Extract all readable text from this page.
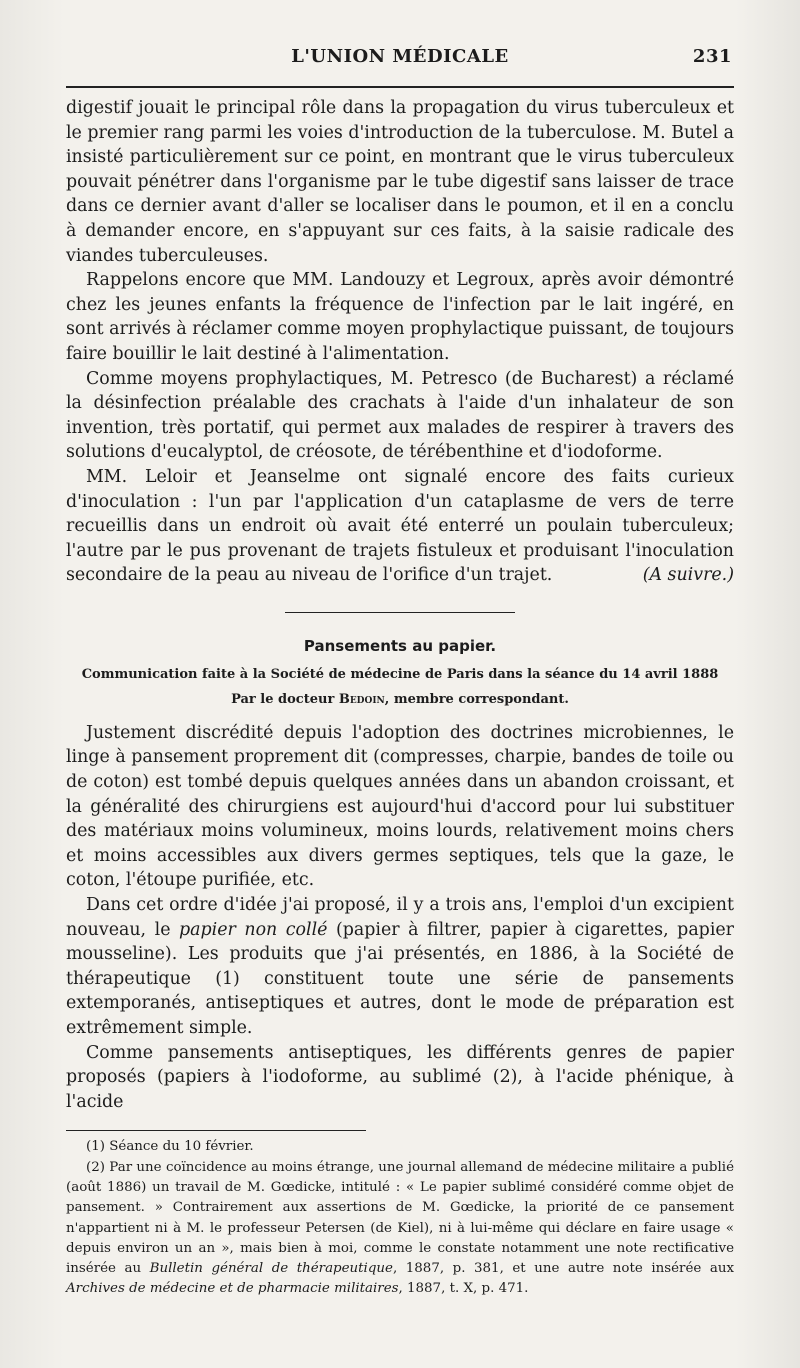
L'UNION MÉDICALE	231

digestif jouait le principal rôle dans la propagation du virus tuberculeux et le premier rang parmi les voies d'introduction de la tuberculose. M. Butel a insisté particulièrement sur ce point, en montrant que le virus tuberculeux pouvait pénétrer dans l'organisme par le tube digestif sans laisser de trace dans ce dernier avant d'aller se localiser dans le poumon, et il en a conclu à demander encore, en s'appuyant sur ces faits, à la saisie radicale des viandes tuberculeuses.

Rappelons encore que MM. Landouzy et Legroux, après avoir démontré chez les jeunes enfants la fréquence de l'infection par le lait ingéré, en sont arrivés à réclamer comme moyen prophylactique puissant, de toujours faire bouillir le lait destiné à l'alimentation.

Comme moyens prophylactiques, M. Petresco (de Bucharest) a réclamé la désinfection préalable des crachats à l'aide d'un inhalateur de son invention, très portatif, qui permet aux malades de respirer à travers des solutions d'eucalyptol, de créosote, de térébenthine et d'iodoforme.

MM. Leloir et Jeanselme ont signalé encore des faits curieux d'inoculation : l'un par l'application d'un cataplasme de vers de terre recueillis dans un endroit où avait été enterré un poulain tuberculeux; l'autre par le pus provenant de trajets fistuleux et produisant l'inoculation secondaire de la peau au niveau de l'orifice d'un trajet.	(A suivre.)

Pansements au papier.
Communication faite à la Société de médecine de Paris dans la séance du 14 avril 1888
Par le docteur Bedoin, membre correspondant.

Justement discrédité depuis l'adoption des doctrines microbiennes, le linge à pansement proprement dit (compresses, charpie, bandes de toile ou de coton) est tombé depuis quelques années dans un abandon croissant, et la généralité des chirurgiens est aujourd'hui d'accord pour lui substituer des matériaux moins volumineux, moins lourds, relativement moins chers et moins accessibles aux divers germes septiques, tels que la gaze, le coton, l'étoupe purifiée, etc.

Dans cet ordre d'idée j'ai proposé, il y a trois ans, l'emploi d'un excipient nouveau, le papier non collé (papier à filtrer, papier à cigarettes, papier mousseline). Les produits que j'ai présentés, en 1886, à la Société de thérapeutique (1) constituent toute une série de pansements extemporanés, antiseptiques et autres, dont le mode de préparation est extrêmement simple.

Comme pansements antiseptiques, les différents genres de papier proposés (papiers à l'iodoforme, au sublimé (2), à l'acide phénique, à l'acide

(1) Séance du 10 février.

(2) Par une coïncidence au moins étrange, une journal allemand de médecine militaire a publié (août 1886) un travail de M. Gœdicke, intitulé : « Le papier sublimé considéré comme objet de pansement. » Contrairement aux assertions de M. Gœdicke, la priorité de ce pansement n'appartient ni à M. le professeur Petersen (de Kiel), ni à lui-même qui déclare en faire usage « depuis environ un an », mais bien à moi, comme le constate notamment une note rectificative insérée au Bulletin général de thérapeutique, 1887, p. 381, et une autre note insérée aux Archives de médecine et de pharmacie militaires, 1887, t. X, p. 471.
